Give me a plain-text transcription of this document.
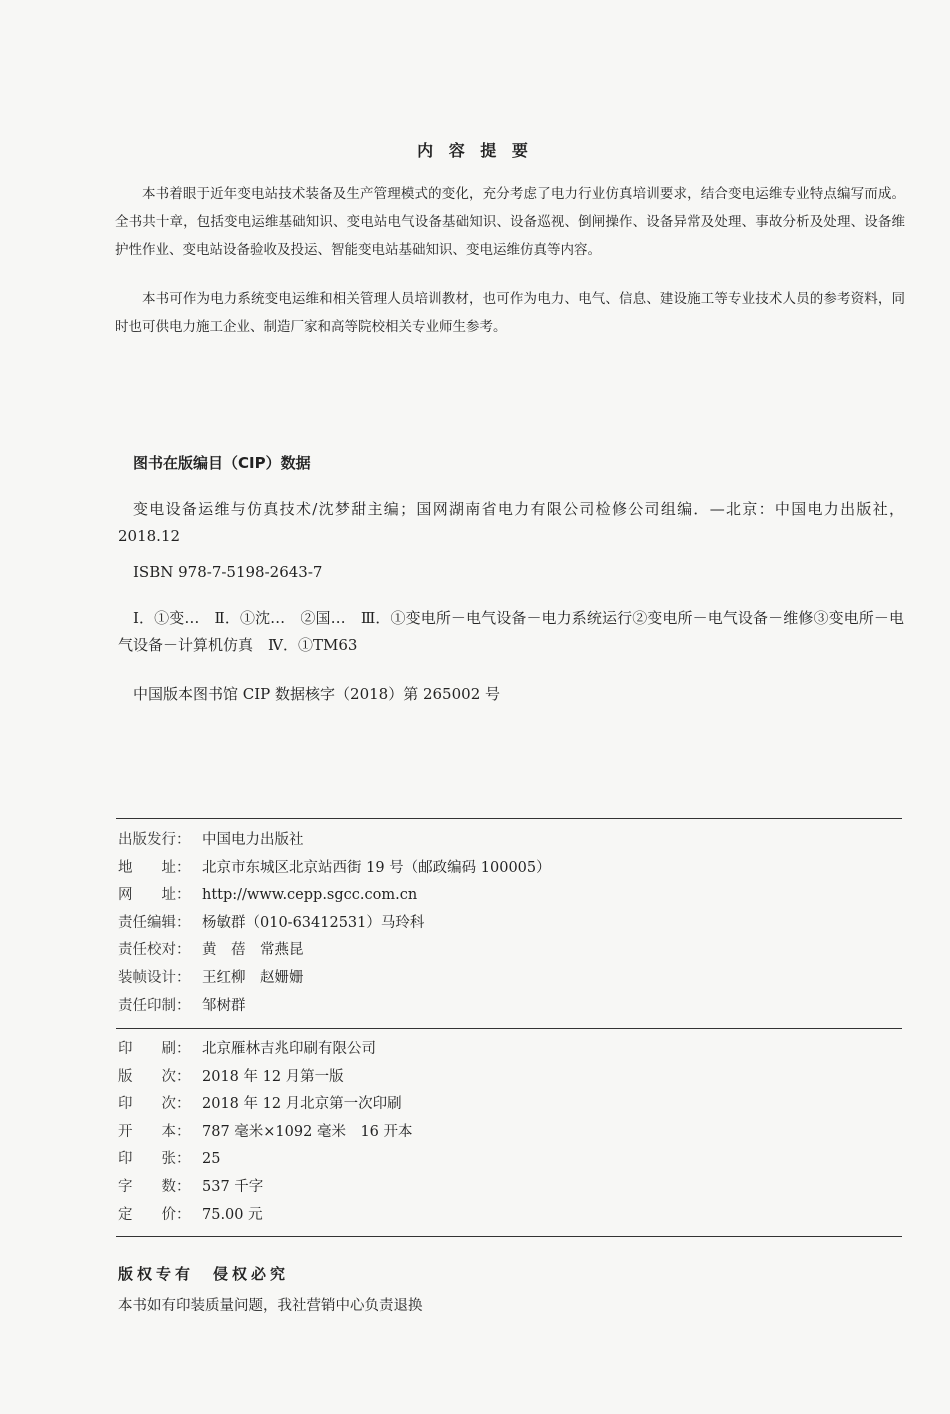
内 容 提 要

本书着眼于近年变电站技术装备及生产管理模式的变化，充分考虑了电力行业仿真培训要求，结合变电运维专业特点编写而成。全书共十章，包括变电运维基础知识、变电站电气设备基础知识、设备巡视、倒闸操作、设备异常及处理、事故分析及处理、设备维护性作业、变电站设备验收及投运、智能变电站基础知识、变电运维仿真等内容。

本书可作为电力系统变电运维和相关管理人员培训教材，也可作为电力、电气、信息、建设施工等专业技术人员的参考资料，同时也可供电力施工企业、制造厂家和高等院校相关专业师生参考。

图书在版编目（CIP）数据

变电设备运维与仿真技术/沈梦甜主编；国网湖南省电力有限公司检修公司组编．—北京：中国电力出版社，2018.12

ISBN 978-7-5198-2643-7

Ⅰ．①变…　Ⅱ．①沈…　②国…　Ⅲ．①变电所－电气设备－电力系统运行②变电所－电气设备－维修③变电所－电气设备－计算机仿真　Ⅳ．①TM63

中国版本图书馆 CIP 数据核字（2018）第 265002 号

出版发行： 中国电力出版社
地　　址： 北京市东城区北京站西街 19 号（邮政编码 100005）
网　　址： http://www.cepp.sgcc.com.cn
责任编辑： 杨敏群（010-63412531）马玲科
责任校对： 黄　蓓　常燕昆
装帧设计： 王红柳　赵姗姗
责任印制： 邹树群
印　　刷： 北京雁林吉兆印刷有限公司
版　　次： 2018 年 12 月第一版
印　　次： 2018 年 12 月北京第一次印刷
开　　本： 787 毫米×1092 毫米　16 开本
印　　张： 25
字　　数： 537 千字
定　　价： 75.00 元
版权专有　侵权必究
本书如有印装质量问题，我社营销中心负责退换
